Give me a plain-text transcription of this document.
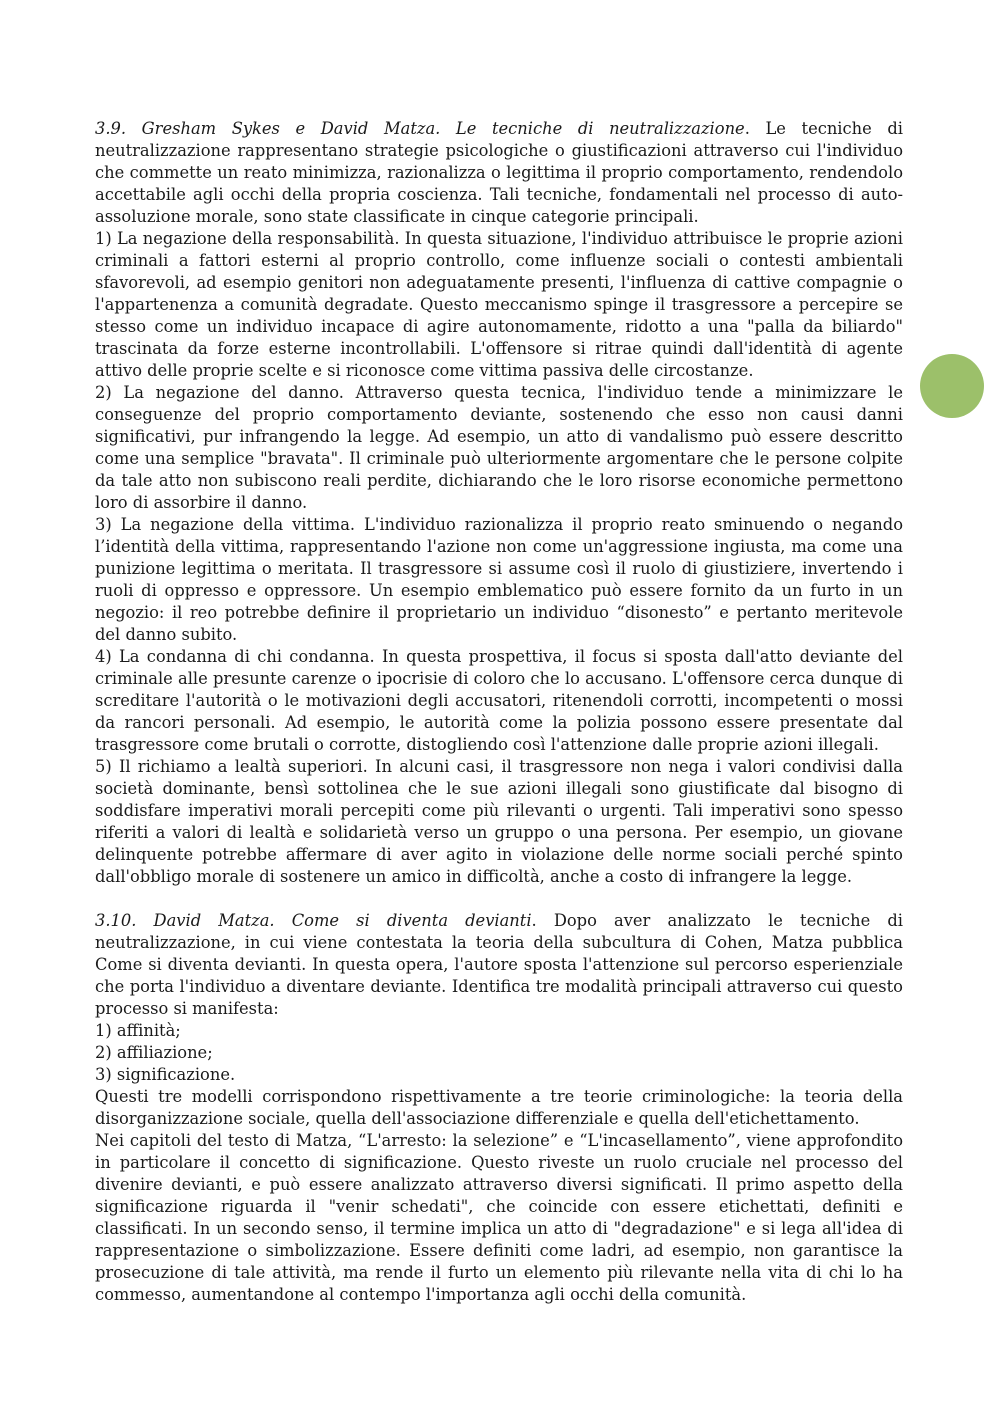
3.9. Gresham Sykes e David Matza. Le tecniche di neutralizzazione. Le tecniche di neutralizzazione rappresentano strategie psicologiche o giustificazioni attraverso cui l'individuo che commette un reato minimizza, razionalizza o legittima il proprio comportamento, rendendolo accettabile agli occhi della propria coscienza. Tali tecniche, fondamentali nel processo di auto-assoluzione morale, sono state classificate in cinque categorie principali.

1) La negazione della responsabilità. In questa situazione, l'individuo attribuisce le proprie azioni criminali a fattori esterni al proprio controllo, come influenze sociali o contesti ambientali sfavorevoli, ad esempio genitori non adeguatamente presenti, l'influenza di cattive compagnie o l'appartenenza a comunità degradate. Questo meccanismo spinge il trasgressore a percepire se stesso come un individuo incapace di agire autonomamente, ridotto a una "palla da biliardo" trascinata da forze esterne incontrollabili. L'offensore si ritrae quindi dall'identità di agente attivo delle proprie scelte e si riconosce come vittima passiva delle circostanze.

2) La negazione del danno. Attraverso questa tecnica, l'individuo tende a minimizzare le conseguenze del proprio comportamento deviante, sostenendo che esso non causi danni significativi, pur infrangendo la legge. Ad esempio, un atto di vandalismo può essere descritto come una semplice "bravata". Il criminale può ulteriormente argomentare che le persone colpite da tale atto non subiscono reali perdite, dichiarando che le loro risorse economiche permettono loro di assorbire il danno.

3) La negazione della vittima. L'individuo razionalizza il proprio reato sminuendo o negando l’identità della vittima, rappresentando l'azione non come un'aggressione ingiusta, ma come una punizione legittima o meritata. Il trasgressore si assume così il ruolo di giustiziere, invertendo i ruoli di oppresso e oppressore. Un esempio emblematico può essere fornito da un furto in un negozio: il reo potrebbe definire il proprietario un individuo “disonesto” e pertanto meritevole del danno subito.

4) La condanna di chi condanna. In questa prospettiva, il focus si sposta dall'atto deviante del criminale alle presunte carenze o ipocrisie di coloro che lo accusano. L'offensore cerca dunque di screditare l'autorità o le motivazioni degli accusatori, ritenendoli corrotti, incompetenti o mossi da rancori personali. Ad esempio, le autorità come la polizia possono essere presentate dal trasgressore come brutali o corrotte, distogliendo così l'attenzione dalle proprie azioni illegali.

5) Il richiamo a lealtà superiori. In alcuni casi, il trasgressore non nega i valori condivisi dalla società dominante, bensì sottolinea che le sue azioni illegali sono giustificate dal bisogno di soddisfare imperativi morali percepiti come più rilevanti o urgenti. Tali imperativi sono spesso riferiti a valori di lealtà e solidarietà verso un gruppo o una persona. Per esempio, un giovane delinquente potrebbe affermare di aver agito in violazione delle norme sociali perché spinto dall'obbligo morale di sostenere un amico in difficoltà, anche a costo di infrangere la legge.

3.10. David Matza. Come si diventa devianti. Dopo aver analizzato le tecniche di neutralizzazione, in cui viene contestata la teoria della subcultura di Cohen, Matza pubblica Come si diventa devianti. In questa opera, l'autore sposta l'attenzione sul percorso esperienziale che porta l'individuo a diventare deviante. Identifica tre modalità principali attraverso cui questo processo si manifesta:

1) affinità;

2) affiliazione;

3) significazione.

Questi tre modelli corrispondono rispettivamente a tre teorie criminologiche: la teoria della disorganizzazione sociale, quella dell'associazione differenziale e quella dell'etichettamento.

Nei capitoli del testo di Matza, “L'arresto: la selezione” e “L'incasellamento”, viene approfondito in particolare il concetto di significazione. Questo riveste un ruolo cruciale nel processo del divenire devianti, e può essere analizzato attraverso diversi significati. Il primo aspetto della significazione riguarda il "venir schedati", che coincide con essere etichettati, definiti e classificati. In un secondo senso, il termine implica un atto di "degradazione" e si lega all'idea di rappresentazione o simbolizzazione. Essere definiti come ladri, ad esempio, non garantisce la prosecuzione di tale attività, ma rende il furto un elemento più rilevante nella vita di chi lo ha commesso, aumentandone al contempo l'importanza agli occhi della comunità.
